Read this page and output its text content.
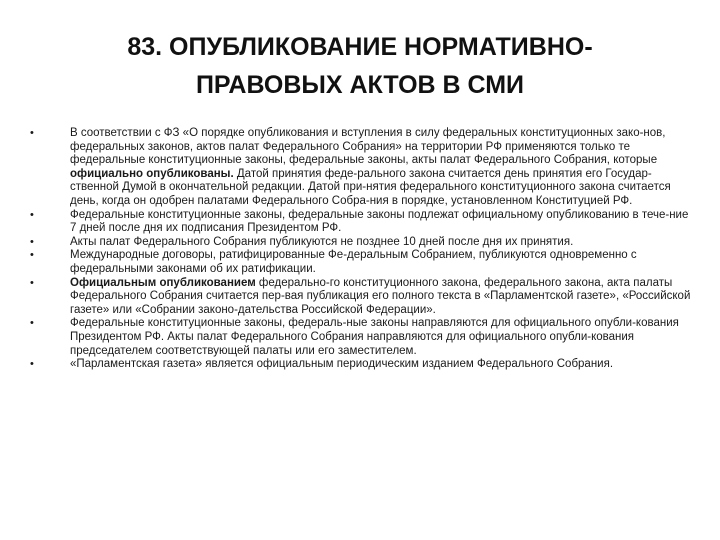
83. ОПУБЛИКОВАНИЕ НОРМАТИВНО-
ПРАВОВЫХ АКТОВ В СМИ
•	В соответствии с ФЗ «О порядке опубликования и вступления в силу федеральных конституционных зако-нов, федеральных законов, актов палат Федерального Собрания» на территории РФ применяются только те федеральные конституционные законы, федеральные законы, акты палат Федерального Собрания, которые официально опубликованы. Датой принятия феде-рального закона считается день принятия его Государ-ственной Думой в окончательной редакции. Датой при-нятия федерального конституционного закона считается день, когда он одобрен палатами Федерального Собра-ния в порядке, установленном Конституцией РФ.
•	Федеральные конституционные законы, федеральные законы подлежат официальному опубликованию в тече-ние 7 дней после дня их подписания Президентом РФ.
•	Акты палат Федерального Собрания публикуются не позднее 10 дней после дня их принятия.
•	Международные договоры, ратифицированные Фе-деральным Собранием, публикуются одновременно с федеральными законами об их ратификации.
•	Официальным опубликованием федерально-го конституционного закона, федерального закона, акта палаты Федерального Собрания считается пер-вая публикация его полного текста в «Парламентской газете», «Российской газете» или «Собрании законо-дательства Российской Федерации».
•	Федеральные конституционные законы, федераль-ные законы направляются для официального опубли-кования Президентом РФ. Акты палат Федерального Собрания направляются для официального опубли-кования председателем соответствующей палаты или его заместителем.
•	«Парламентская газета» является официальным периодическим изданием Федерального Собрания.
